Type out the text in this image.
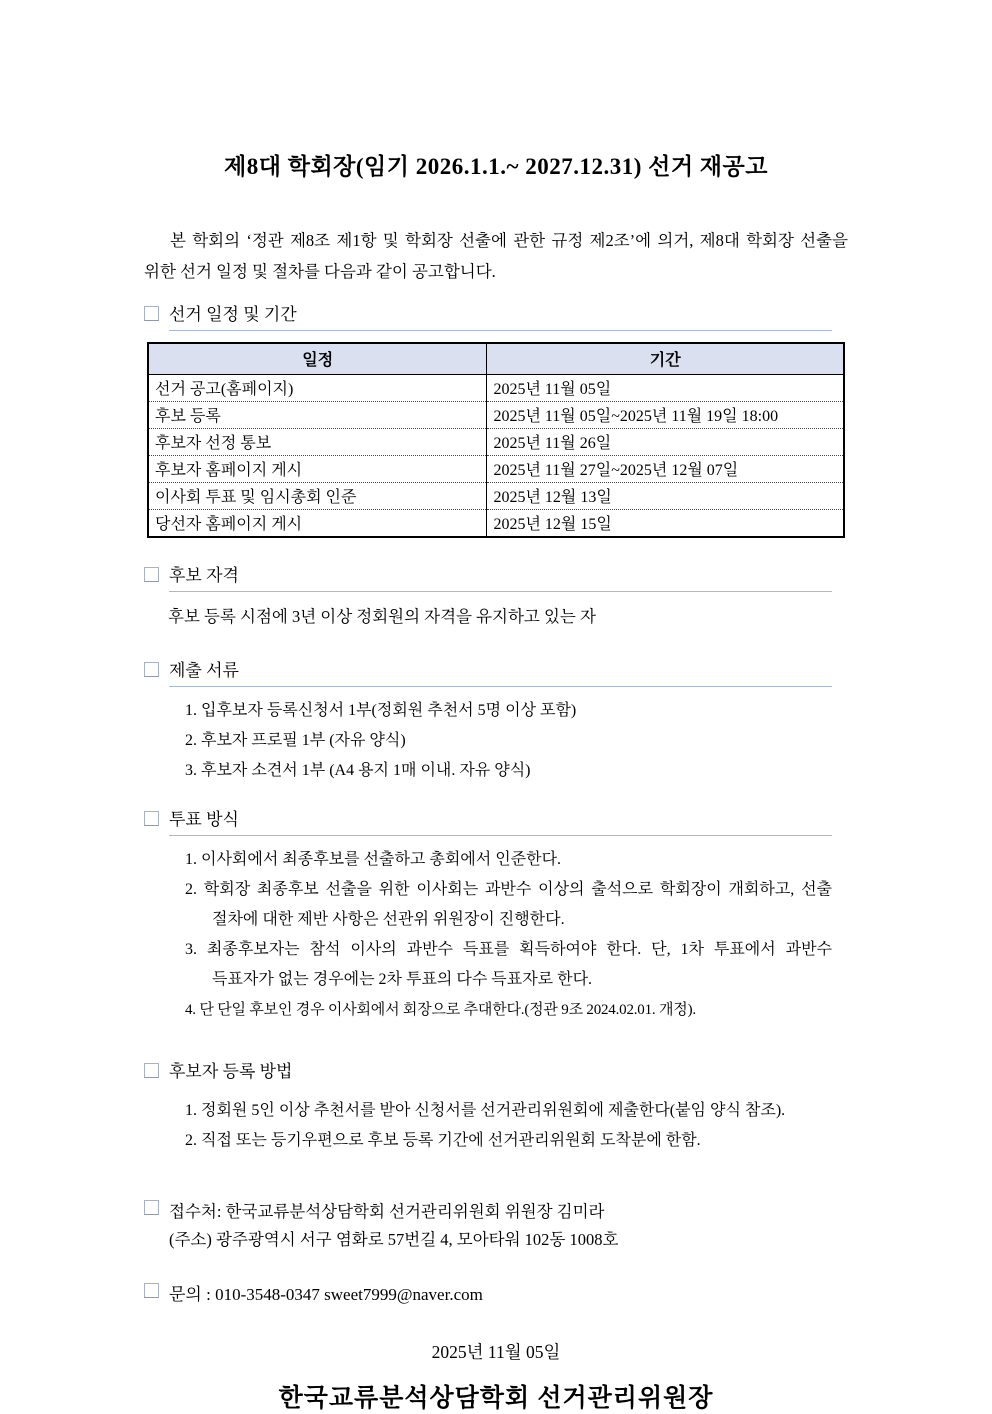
제8대 학회장(임기 2026.1.1.~ 2027.12.31) 선거 재공고

본 학회의 ‘정관 제8조 제1항 및 학회장 선출에 관한 규정 제2조’에 의거, 제8대 학회장 선출을 위한 선거 일정 및 절차를 다음과 같이 공고합니다.

선거 일정 및 기간
일정	기간
선거 공고(홈페이지)	2025년 11월 05일
후보 등록	2025년 11월 05일~2025년 11월 19일 18:00
후보자 선정 통보	2025년 11월 26일
후보자 홈페이지 게시	2025년 11월 27일~2025년 12월 07일
이사회 투표 및 임시총회 인준	2025년 12월 13일
당선자 홈페이지 게시	2025년 12월 15일
후보 자격
후보 등록 시점에 3년 이상 정회원의 자격을 유지하고 있는 자
제출 서류
1. 입후보자 등록신청서 1부(정회원 추천서 5명 이상 포함)
2. 후보자 프로필 1부 (자유 양식)
3. 후보자 소견서 1부 (A4 용지 1매 이내. 자유 양식)
투표 방식
1. 이사회에서 최종후보를 선출하고 총회에서 인준한다.
2. 학회장 최종후보 선출을 위한 이사회는 과반수 이상의 출석으로 학회장이 개회하고, 선출 절차에 대한 제반 사항은 선관위 위원장이 진행한다.
3. 최종후보자는 참석 이사의 과반수 득표를 획득하여야 한다. 단, 1차 투표에서 과반수 득표자가 없는 경우에는 2차 투표의 다수 득표자로 한다.
4. 단 단일 후보인 경우 이사회에서 회장으로 추대한다.(정관 9조 2024.02.01. 개정).
후보자 등록 방법
1. 정회원 5인 이상 추천서를 받아 신청서를 선거관리위원회에 제출한다(붙임 양식 참조).
2. 직접 또는 등기우편으로 후보 등록 기간에 선거관리위원회 도착분에 한함.
접수처: 한국교류분석상담학회 선거관리위원회 위원장 김미라
(주소) 광주광역시 서구 염화로 57번길 4, 모아타워 102동 1008호
문의 : 010-3548-0347 sweet7999@naver.com
2025년 11월 05일
한국교류분석상담학회 선거관리위원장
